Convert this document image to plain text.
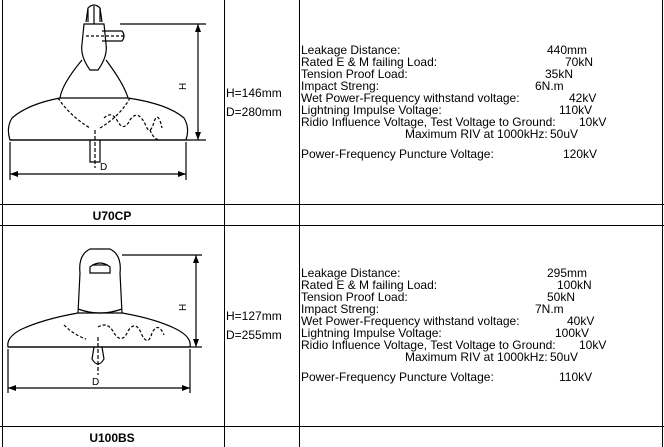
H
D
H=146mm
D=280mm
Leakage Distance:	440mm
Rated E & M failing Load:	70kN
Tension Proof Load:	35kN
Impact Streng:	6N.m
Wet Power-Frequency withstand voltage:	42kV
Lightning Impulse Voltage:	110kV
Ridio Influence Voltage, Test Voltage to Ground: 10kV
Maximum RIV at 1000kHz: 50uV
Power-Frequency Puncture Voltage:	120kV
U70CP
H
D
H=127mm
D=255mm
Leakage Distance:	295mm
Rated E & M failing Load:	100kN
Tension Proof Load:	50kN
Impact Streng:	7N.m
Wet Power-Frequency withstand voltage:	40kV
Lightning Impulse Voltage:	100kV
Ridio Influence Voltage, Test Voltage to Ground: 10kV
Maximum RIV at 1000kHz: 50uV
Power-Frequency Puncture Voltage:	110kV
U100BS
